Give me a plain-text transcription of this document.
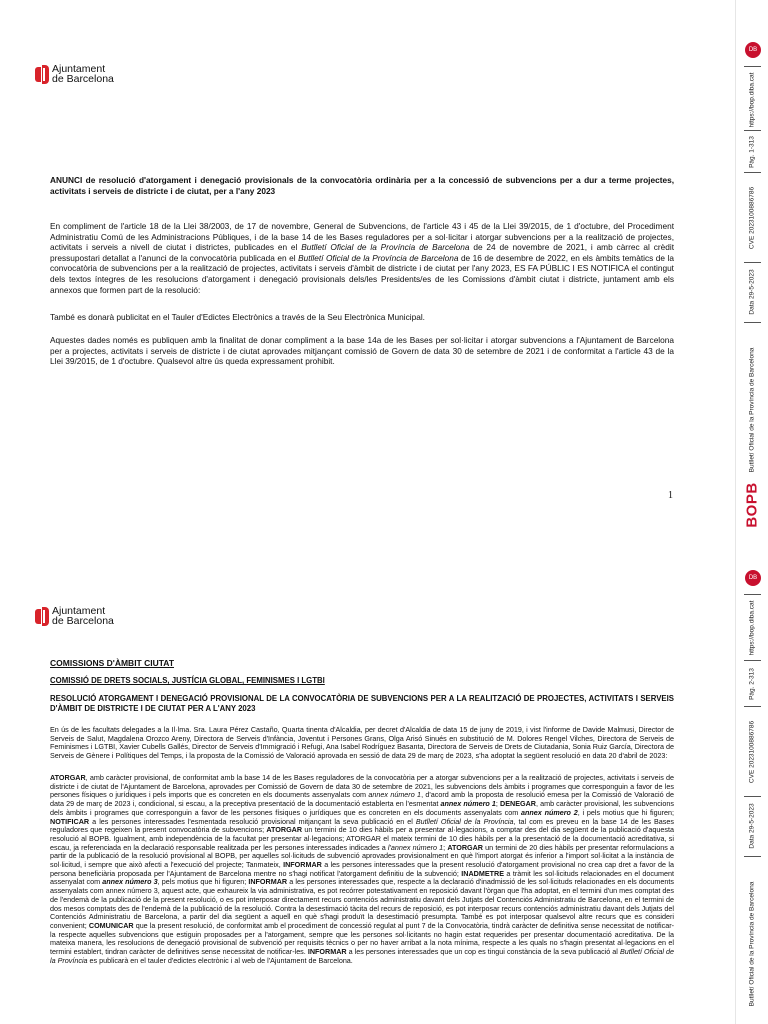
Ajuntament
de Barcelona
ANUNCI de resolució d'atorgament i denegació provisionals de la convocatòria ordinària per a la concessió de subvencions per a dur a terme projectes, activitats i serveis de districte i de ciutat, per a l'any 2023
En compliment de l'article 18 de la Llei 38/2003, de 17 de novembre, General de Subvencions, de l'article 43 i 45 de la Llei 39/2015, de 1 d'octubre, del Procediment Administratiu Comú de les Administracions Públiques, i de la base 14 de les Bases reguladores per a sol·licitar i atorgar subvencions per a la realització de projectes, activitats i serveis a nivell de ciutat i districtes, publicades en el Butlletí Oficial de la Província de Barcelona de 24 de novembre de 2021, i amb càrrec al crèdit pressupostari detallat a l'anunci de la convocatòria publicada en el Butlletí Oficial de la Província de Barcelona de 16 de desembre de 2022, en els àmbits temàtics de la convocatòria de subvencions per a la realització de projectes, activitats i serveis d'àmbit de districte i de ciutat per l'any 2023, ES FA PÚBLIC I ES NOTIFICA el contingut dels textos íntegres de les resolucions d'atorgament i denegació provisionals dels/les Presidents/es de les Comissions d'àmbit ciutat i districte, juntament amb els annexos que formen part de la resolució:
També es donarà publicitat en el Tauler d'Edictes Electrònics a través de la Seu Electrònica Municipal.
Aquestes dades només es publiquen amb la finalitat de donar compliment a la base 14a de les Bases per sol·licitar i atorgar subvencions a l'Ajuntament de Barcelona per a projectes, activitats i serveis de districte i de ciutat aprovades mitjançant comissió de Govern de data 30 de setembre de 2021 i de conformitat a l'article 43 de la Llei 39/2015, de 1 d'octubre. Qualsevol altre ús queda expressament prohibit.
1
Ajuntament
de Barcelona
COMISSIONS D'ÀMBIT CIUTAT
COMISSIÓ DE DRETS SOCIALS, JUSTÍCIA GLOBAL, FEMINISMES I LGTBI
RESOLUCIÓ ATORGAMENT I DENEGACIÓ PROVISIONAL DE LA CONVOCATÒRIA DE SUBVENCIONS PER A LA REALITZACIÓ DE PROJECTES, ACTIVITATS I SERVEIS D'ÀMBIT DE DISTRICTE I DE CIUTAT PER A L'ANY 2023
En ús de les facultats delegades a la Il·lma. Sra. Laura Pérez Castaño, Quarta tinenta d'Alcaldia, per decret d'Alcaldia de data 15 de juny de 2019, i vist l'informe de Davide Malmusi, Director de Serveis de Salut, Magdalena Orozco Areny, Directora de Serveis d'Infància, Joventut i Persones Grans, Olga Arisó Sinués en substitució de M. Dolores Rengel Vilches, Directora de Serveis de Feminismes i LGTBI, Xavier Cubells Gallés, Director de Serveis d'Immigració i Refugi, Ana Isabel Rodríguez Basanta, Directora de Serveis de Drets de Ciutadania, Sonia Ruiz García, Directora de Serveis de Gènere i Polítiques del Temps, i la proposta de la Comissió de Valoració aprovada en sessió de data 29 de març de 2023, s'ha adoptat la següent resolució en data 20 d'abril de 2023:
ATORGAR, amb caràcter provisional, de conformitat amb la base 14 de les Bases reguladores de la convocatòria per a atorgar subvencions per a la realització de projectes, activitats i serveis de districte i de ciutat de l'Ajuntament de Barcelona, aprovades per Comissió de Govern de data 30 de setembre de 2021, les subvencions dels àmbits i programes que corresponguin a favor de les persones físiques o jurídiques i pels imports que es concreten en els documents assenyalats com annex número 1, d'acord amb la proposta de resolució emesa per la Comissió de Valoració de data 29 de març de 2023 i, condicional, si escau, a la preceptiva presentació de la documentació establerta en l'esmentat annex número 1; DENEGAR, amb caràcter provisional, les subvencions dels àmbits i programes que corresponguin a favor de les persones físiques o jurídiques que es concreten en els documents assenyalats com annex número 2, i pels motius que hi figuren; NOTIFICAR a les persones interessades l'esmentada resolució provisional mitjançant la seva publicació en el Butlletí Oficial de la Província, tal com es preveu en la base 14 de les Bases reguladores que regeixen la present convocatòria de subvencions; ATORGAR un termini de 10 dies hàbils per a presentar al·legacions, a comptar des del dia següent de la publicació d'aquesta resolució al BOPB. Igualment, amb independència de la facultat per presentar al·legacions; ATORGAR el mateix termini de 10 dies hàbils per a la presentació de la documentació acreditativa, si escau, ja referenciada en la declaració responsable realitzada per les persones interessades indicades a l'annex número 1; ATORGAR un termini de 20 dies hàbils per presentar reformulacions a partir de la publicació de la resolució provisional al BOPB, per aquelles sol·licituds de subvenció aprovades provisionalment en què l'import atorgat és inferior a l'import sol·licitat a la instància de sol·licitud, i sempre que això afecti a l'execució del projecte; Tanmateix, INFORMAR a les persones interessades que la present resolució d'atorgament provisional no crea cap dret a favor de la persona beneficiària proposada per l'Ajuntament de Barcelona mentre no s'hagi notificat l'atorgament definitiu de la subvenció; INADMETRE a tràmit les sol·licituds relacionades en el document assenyalat com annex número 3, pels motius que hi figuren; INFORMAR a les persones interessades que, respecte a la declaració d'inadmissió de les sol·licituds relacionades en els documents assenyalats com annex número 3, aquest acte, que exhaureix la via administrativa, es pot recórrer potestativament en reposició davant l'òrgan que l'ha adoptat, en el termini d'un mes comptat des de l'endemà de la publicació de la present resolució, o es pot interposar directament recurs contenciós administratiu davant dels Jutjats del Contenciós Administratiu de Barcelona, en el termini de dos mesos comptats des de l'endemà de la publicació de la resolució. Contra la desestimació tàcita del recurs de reposició, es pot interposar recurs contenciós administratiu davant dels Jutjats del Contenciós Administratiu de Barcelona, a partir del dia següent a aquell en què s'hagi produït la desestimació presumpta. També es pot interposar qualsevol altre recurs que es consideri convenient; COMUNICAR que la present resolució, de conformitat amb el procediment de concessió regulat al punt 7 de la Convocatòria, tindrà caràcter de definitiva sense necessitat de notificar-la respecte aquelles subvencions que estiguin proposades per a l'atorgament, sempre que les persones sol·licitants no hagin estat requerides per presentar documentació acreditativa. De la mateixa manera, les resolucions de denegació provisional de subvenció per requisits tècnics o per no haver arribat a la nota mínima, respecte a les quals no s'hagin presentat al·legacions en el termini establert, tindran caràcter de definitives sense necessitat de notificar-les. INFORMAR a les persones interessades que un cop es tingui constància de la seva publicació al Butlletí Oficial de la Província es publicarà en el tauler d'edictes electrònic i al web de l'Ajuntament de Barcelona.
DB
https://bop.diba.cat
Pàg. 1-313
CVE 2023100886786
Data 29-5-2023
Butlletí Oficial de la Província de Barcelona
BOPB
DB
https://bop.diba.cat
Pàg. 2-313
CVE 2023100886786
Data 29-5-2023
Butlletí Oficial de la Província de Barcelona
